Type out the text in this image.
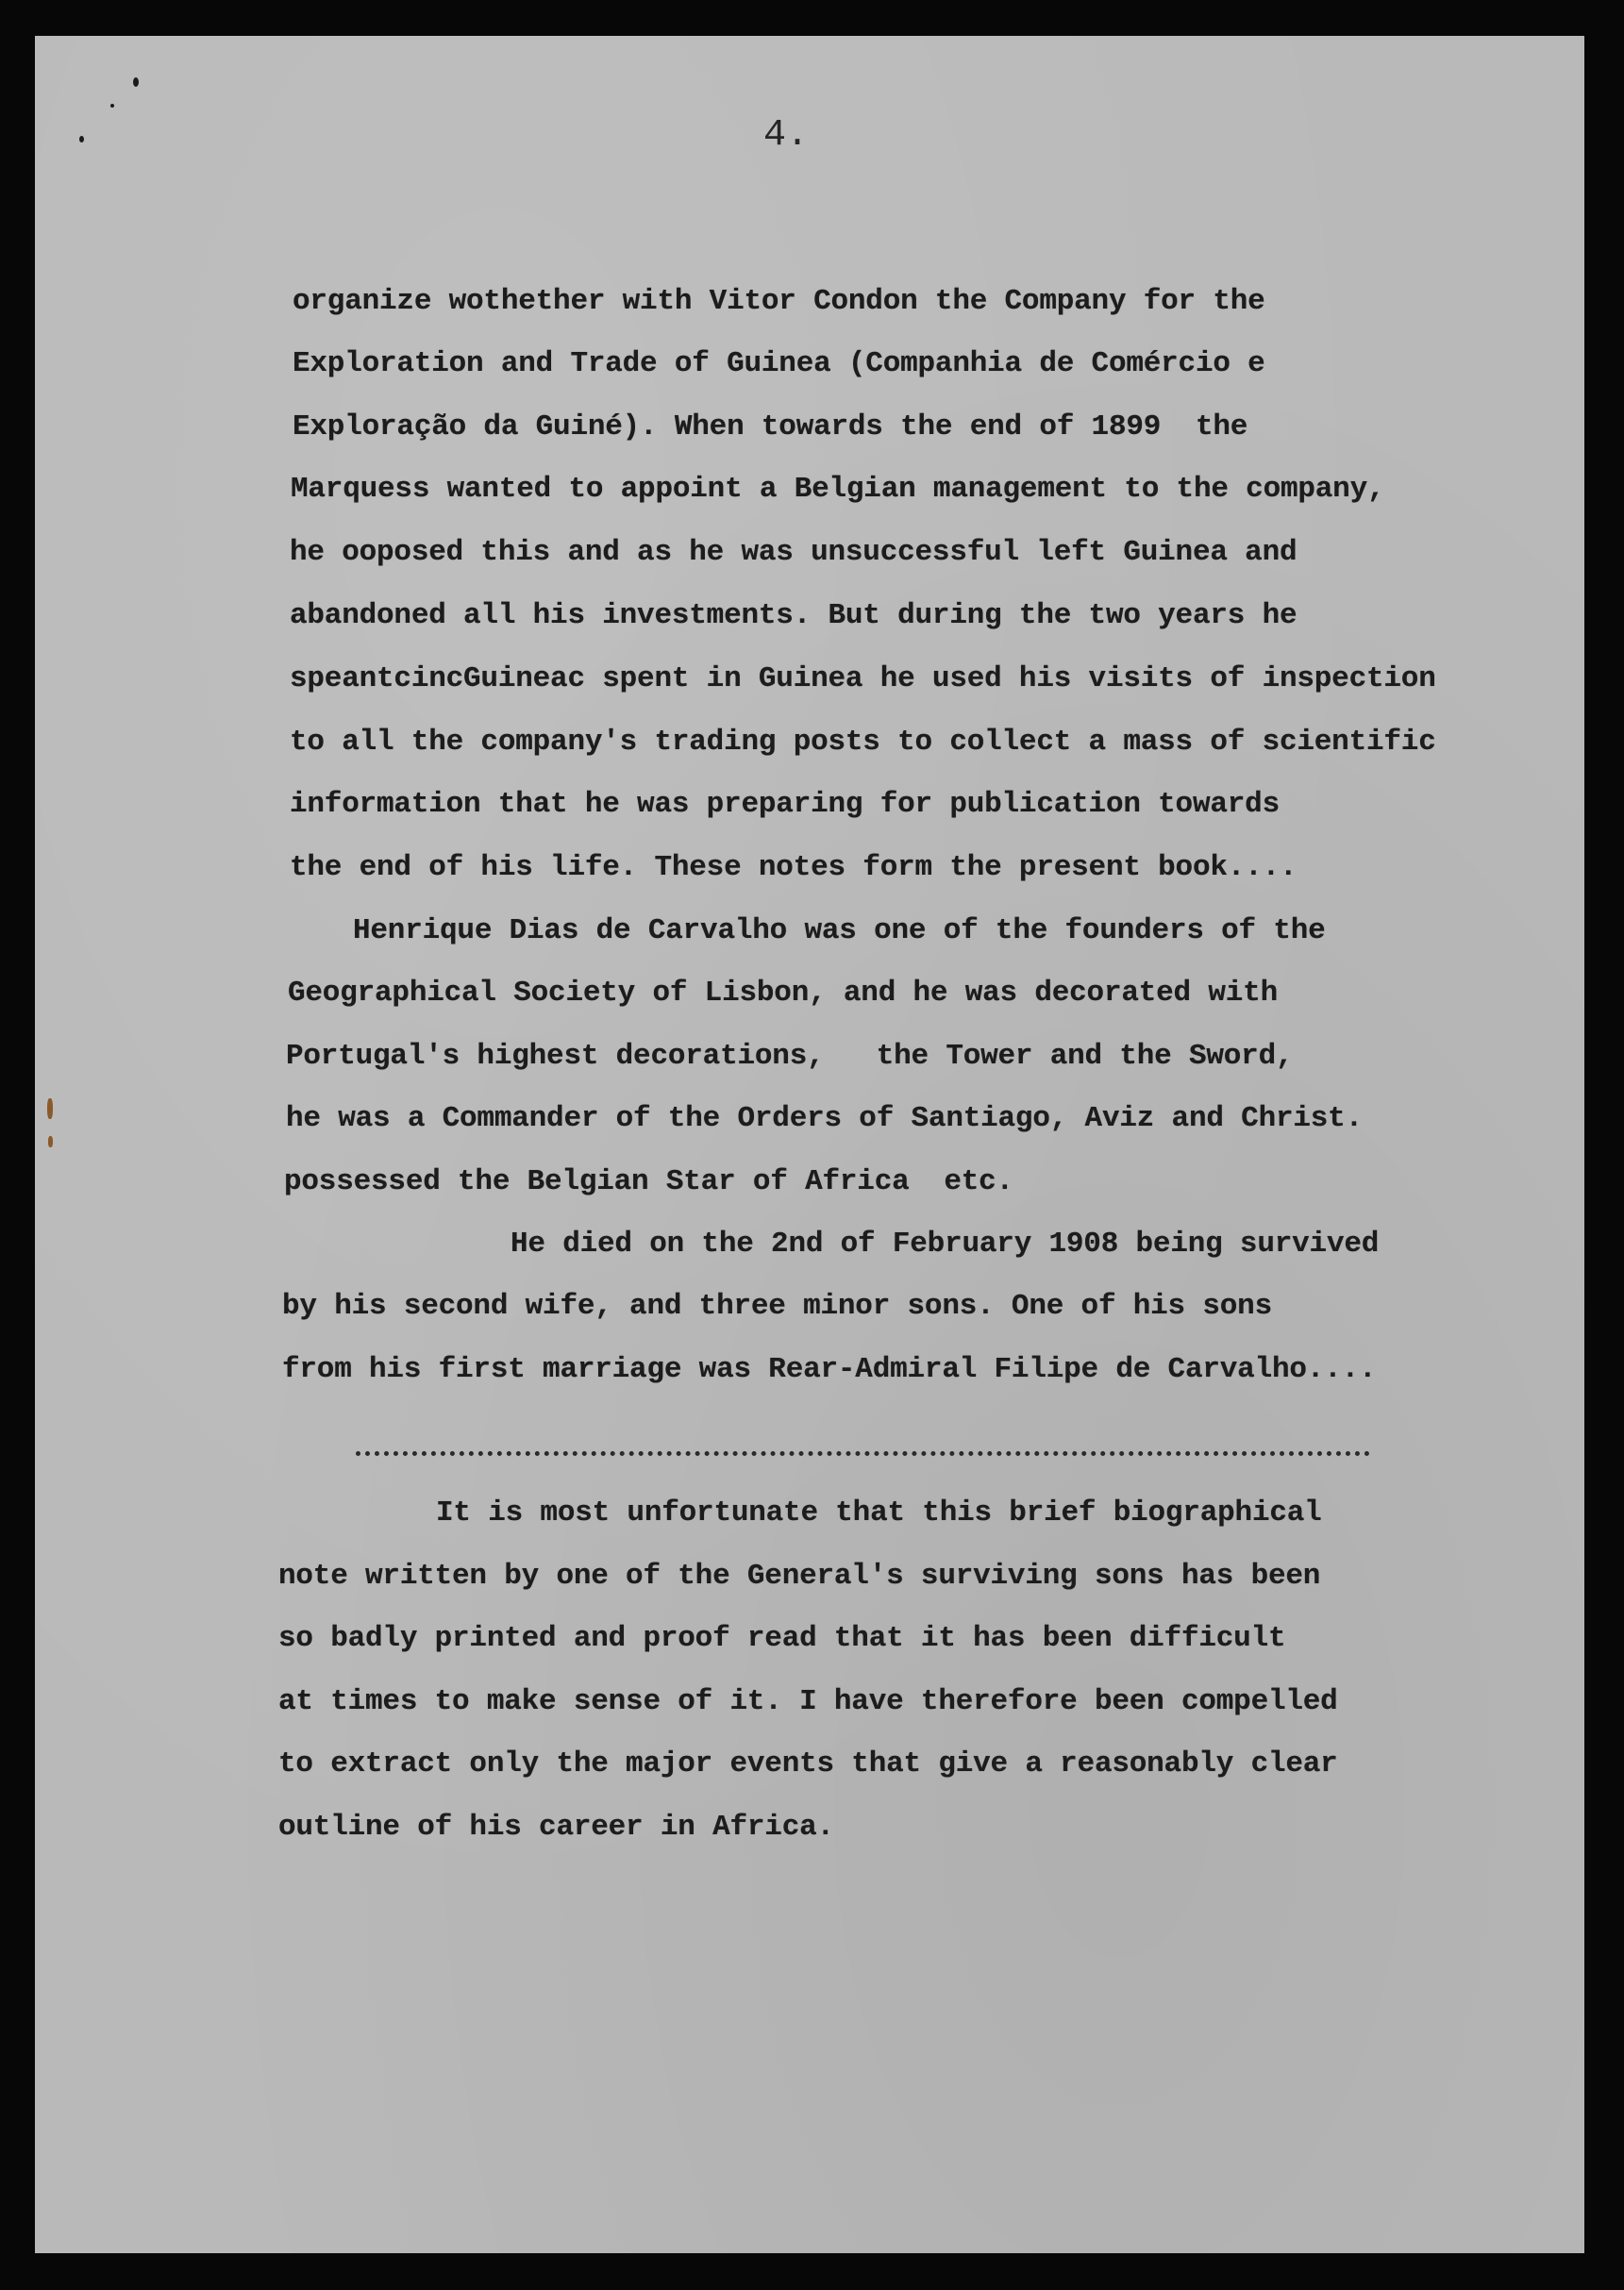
4.

organize wothether with Vitor Condon the Company for the

Exploration and Trade of Guinea (Companhia de Comércio e

Exploração da Guiné). When towards the end of 1899  the

Marquess wanted to appoint a Belgian management to the company,

he ooposed this and as he was unsuccessful left Guinea and

abandoned all his investments. But during the two years he

speantcincGuineac spent in Guinea he used his visits of inspection

to all the company's trading posts to collect a mass of scientific

information that he was preparing for publication towards

the end of his life. These notes form the present book....

Henrique Dias de Carvalho was one of the founders of the

Geographical Society of Lisbon, and he was decorated with

Portugal's highest decorations,   the Tower and the Sword,

he was a Commander of the Orders of Santiago, Aviz and Christ.

possessed the Belgian Star of Africa  etc.

He died on the 2nd of February 1908 being survived

by his second wife, and three minor sons. One of his sons

from his first marriage was Rear-Admiral Filipe de Carvalho....

It is most unfortunate that this brief biographical

note written by one of the General's surviving sons has been

so badly printed and proof read that it has been difficult

at times to make sense of it. I have therefore been compelled

to extract only the major events that give a reasonably clear

outline of his career in Africa.
